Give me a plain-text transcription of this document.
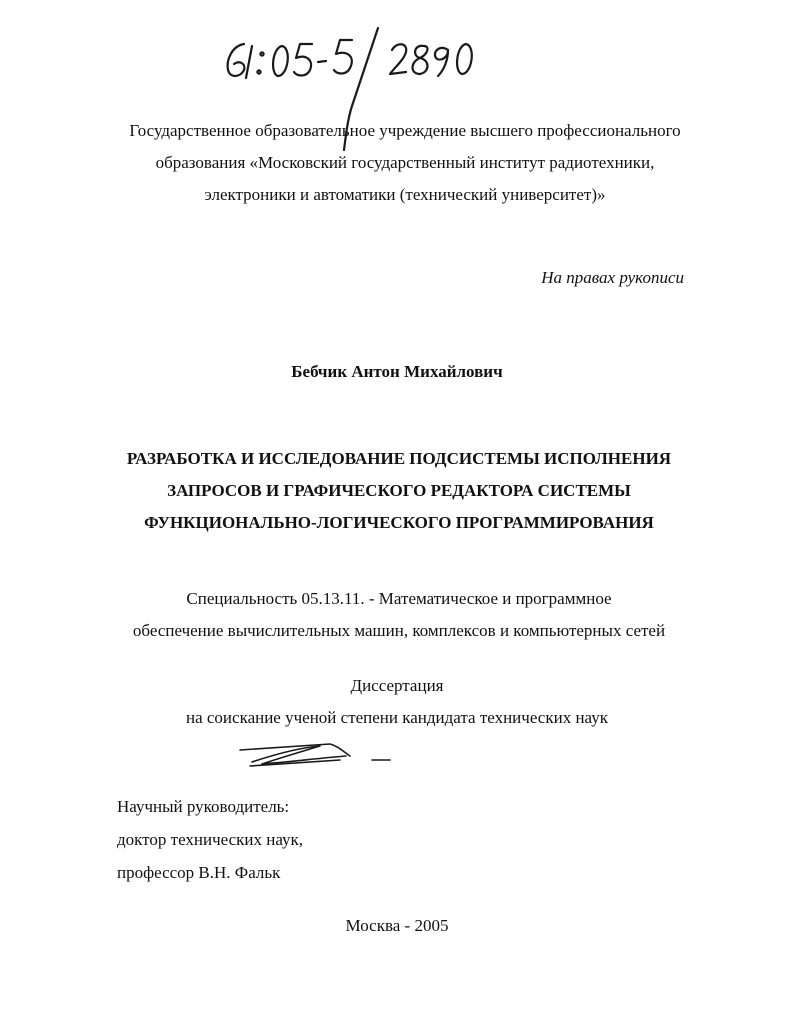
Государственное образовательное учреждение высшего профессионального
образования «Московский государственный институт радиотехники,
электроники и автоматики (технический университет)»
На правах рукописи
Бебчик Антон Михайлович
РАЗРАБОТКА И ИССЛЕДОВАНИЕ ПОДСИСТЕМЫ ИСПОЛНЕНИЯ
ЗАПРОСОВ И ГРАФИЧЕСКОГО РЕДАКТОРА СИСТЕМЫ
ФУНКЦИОНАЛЬНО-ЛОГИЧЕСКОГО ПРОГРАММИРОВАНИЯ
Специальность 05.13.11. - Математическое и программное
обеспечение вычислительных машин, комплексов и компьютерных сетей
Диссертация
на соискание ученой степени кандидата технических наук
Научный руководитель:
доктор технических наук,
профессор В.Н. Фальк
Москва - 2005
